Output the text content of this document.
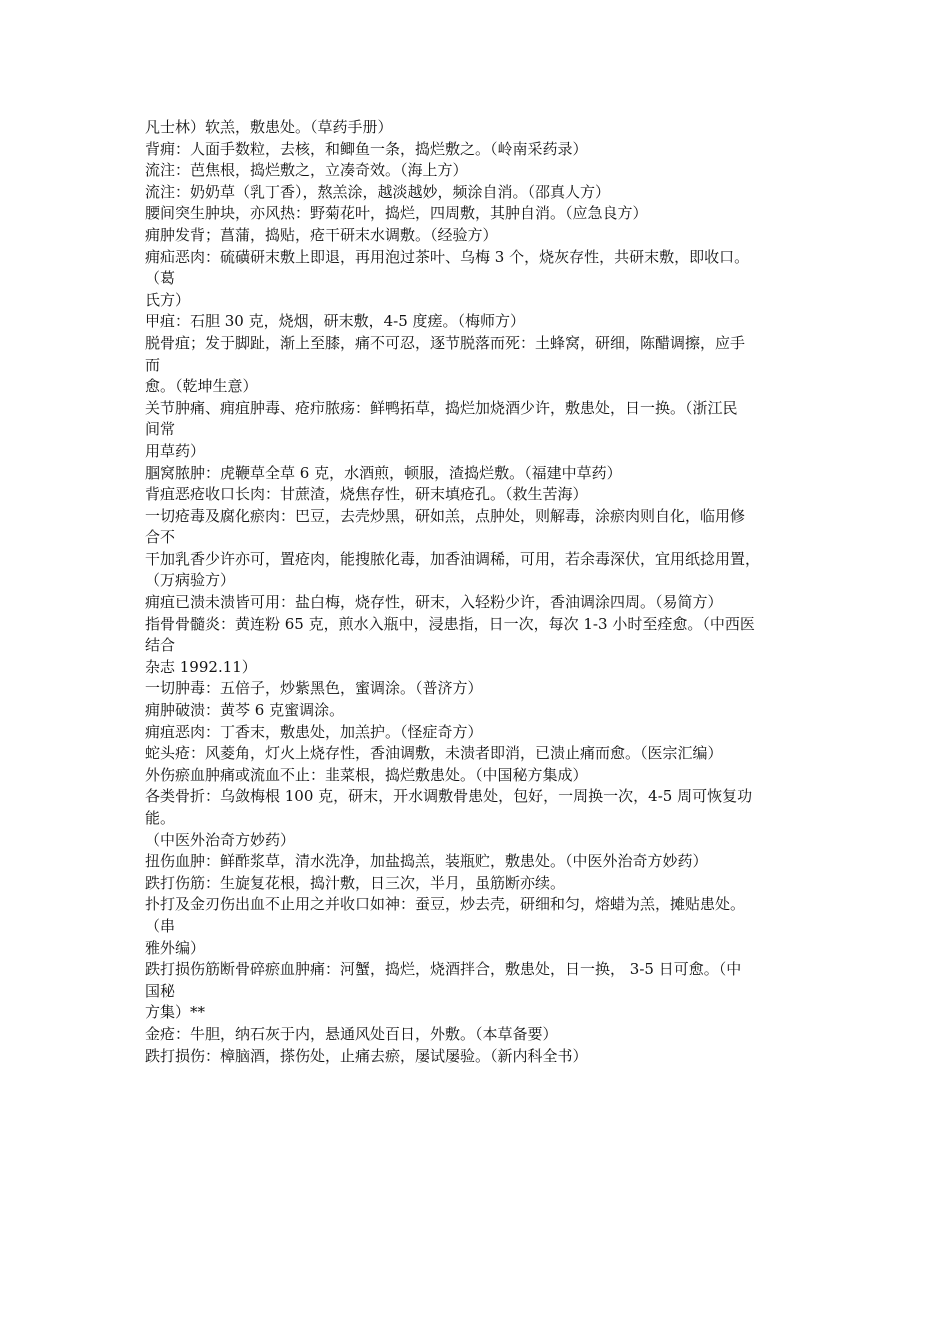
凡士林）软羔，敷患处。（草药手册）
背痈：人面手数粒，去核，和鲫鱼一条，捣烂敷之。（岭南采药录）
流注：芭焦根，捣烂敷之，立凑奇效。（海上方）
流注：奶奶草（乳丁香），熬羔涂，越淡越妙，频涂自消。（邵真人方）
腰间突生肿块，亦风热：野菊花叶，捣烂，四周敷，其肿自消。（应急良方）
痈肿发背；菖蒲，捣贴，疮干研末水调敷。（经验方）
痈疝恶肉：硫磺研末敷上即退，再用泡过茶叶、乌梅 3 个，烧灰存性，共研末敷，即收口。
（葛
氏方）
甲疽：石胆 30 克，烧烟，研末敷，4-5 度瘥。（梅师方）
脱骨疽；发于脚趾，渐上至膝，痛不可忍，逐节脱落而死：土蜂窝，研细，陈醋调擦，应手
而
愈。（乾坤生意）
关节肿痛、痈疽肿毒、疮疖脓疡：鲜鸭拓草，捣烂加烧酒少许，敷患处，日一换。（浙江民
间常
用草药）
腘窝脓肿：虎鞭草全草 6 克，水酒煎，顿服，渣捣烂敷。（福建中草药）
背疽恶疮收口长肉：甘蔗渣，烧焦存性，研末填疮孔。（救生苦海）
一切疮毒及腐化瘀肉：巴豆，去壳炒黑，研如羔，点肿处，则解毒，涂瘀肉则自化，临用修
合不
干加乳香少许亦可，置疮肉，能搜脓化毒，加香油调稀，可用，若余毒深伏，宜用纸捻用置，
（万病验方）
痈疽已溃未溃皆可用：盐白梅，烧存性，研末，入轻粉少许，香油调涂四周。（易简方）
指骨骨髓炎：黄连粉 65 克，煎水入瓶中，浸患指，日一次，每次 1-3 小时至痊愈。（中西医
结合
杂志 1992.11）
一切肿毒：五倍子，炒紫黑色，蜜调涂。（普济方）
痈肿破溃：黄芩 6 克蜜调涂。
痈疽恶肉：丁香末，敷患处，加羔护。（怪症奇方）
蛇头疮：风菱角，灯火上烧存性，香油调敷，未溃者即消，已溃止痛而愈。（医宗汇编）
外伤瘀血肿痛或流血不止：韭菜根，捣烂敷患处。（中国秘方集成）
各类骨折：乌敛梅根 100 克，研末，开水调敷骨患处，包好，一周换一次，4-5 周可恢复功
能。
（中医外治奇方妙药）
扭伤血肿：鲜酢浆草，清水洗净，加盐捣羔，装瓶贮，敷患处。（中医外治奇方妙药）
跌打伤筋：生旋复花根，捣汁敷，日三次，半月，虽筋断亦续。
扑打及金刃伤出血不止用之并收口如神：蚕豆，炒去壳，研细和匀，熔蜡为羔，摊贴患处。
（串
雅外编）
跌打损伤筋断骨碎瘀血肿痛：河蟹，捣烂，烧酒拌合，敷患处，日一换， 3-5 日可愈。（中
国秘
方集）**
金疮：牛胆，纳石灰于内，悬通风处百日，外敷。（本草备要）
跌打损伤：樟脑酒，搽伤处，止痛去瘀，屡试屡验。（新内科全书）
